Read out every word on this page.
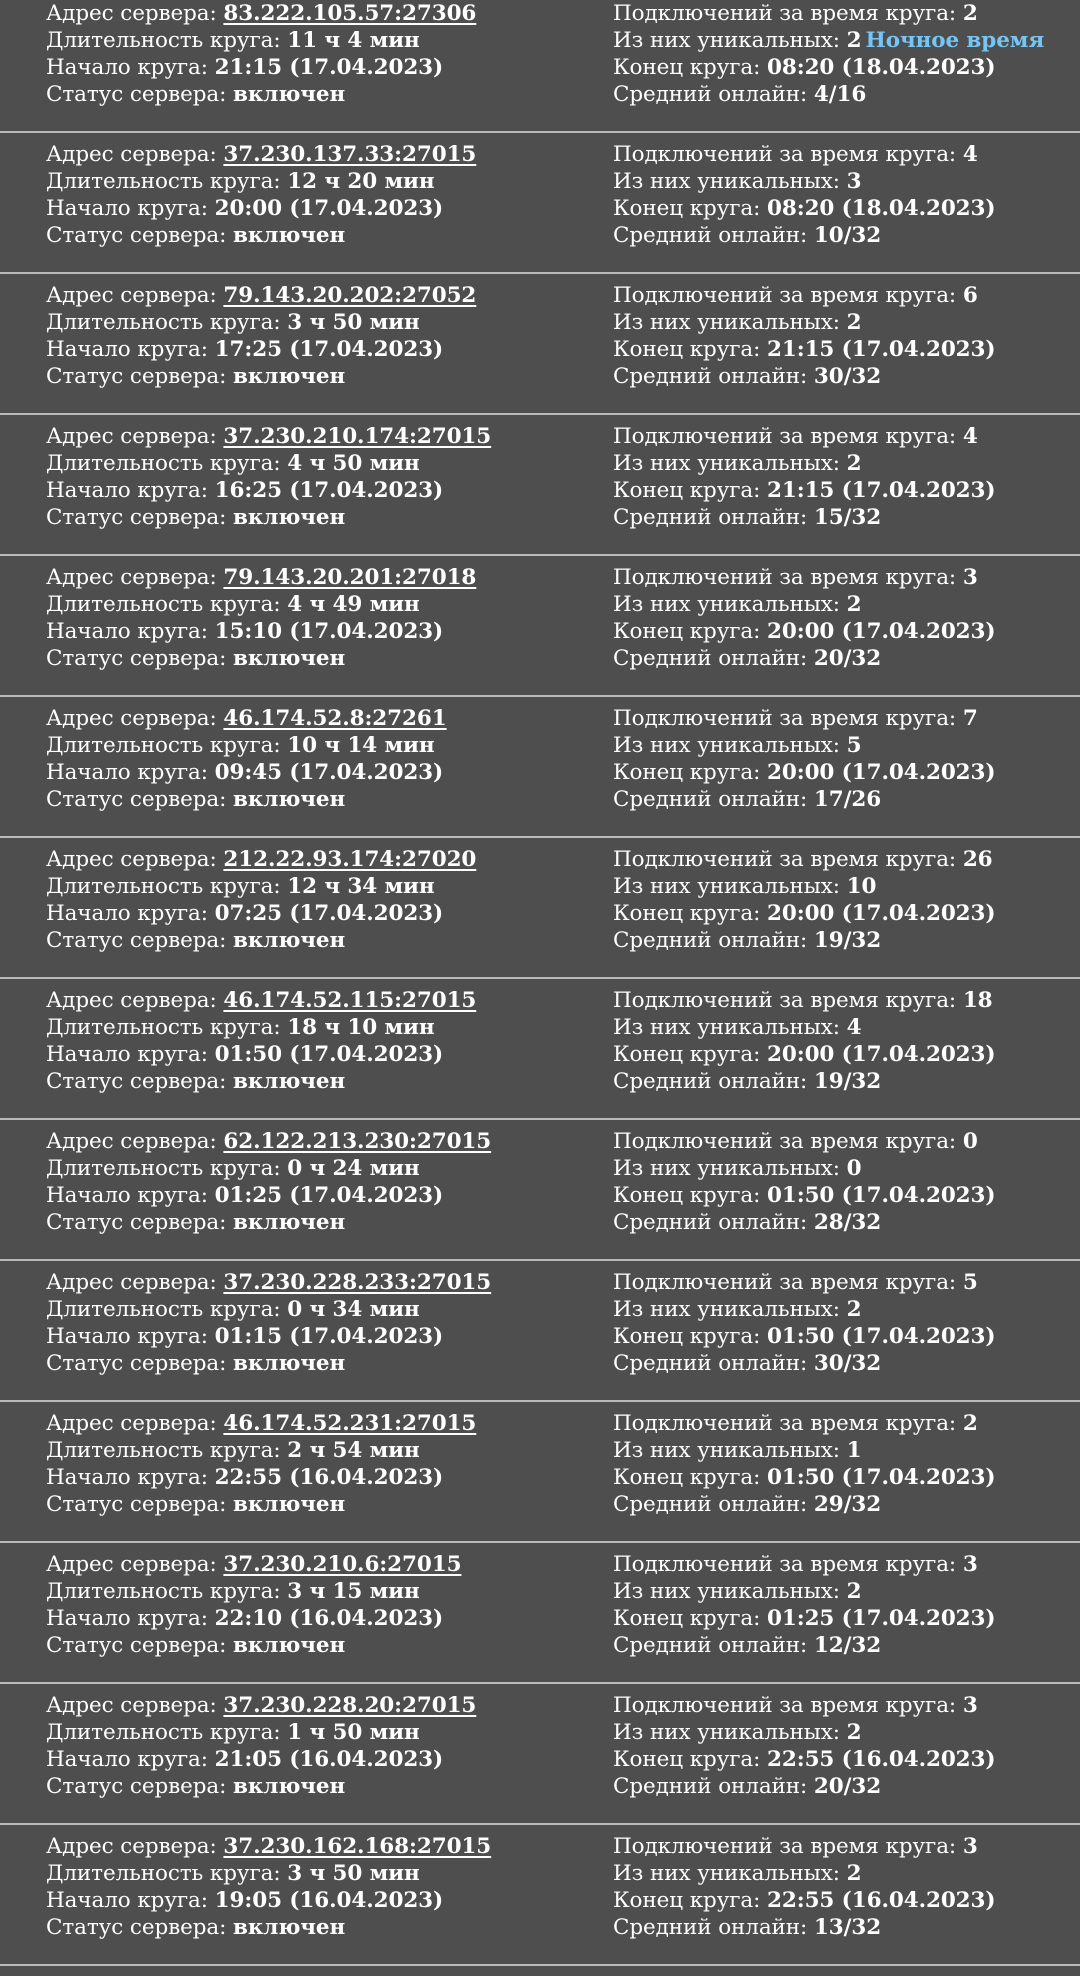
Адрес сервера: 83.222.105.57:27306
Длительность круга: 11 ч 4 мин
Начало круга: 21:15 (17.04.2023)
Статус сервера: включен
Подключений за время круга: 2
Из них уникальных: 2 Ночное время
Конец круга: 08:20 (18.04.2023)
Средний онлайн: 4/16
Адрес сервера: 37.230.137.33:27015
Длительность круга: 12 ч 20 мин
Начало круга: 20:00 (17.04.2023)
Статус сервера: включен
Подключений за время круга: 4
Из них уникальных: 3
Конец круга: 08:20 (18.04.2023)
Средний онлайн: 10/32
Адрес сервера: 79.143.20.202:27052
Длительность круга: 3 ч 50 мин
Начало круга: 17:25 (17.04.2023)
Статус сервера: включен
Подключений за время круга: 6
Из них уникальных: 2
Конец круга: 21:15 (17.04.2023)
Средний онлайн: 30/32
Адрес сервера: 37.230.210.174:27015
Длительность круга: 4 ч 50 мин
Начало круга: 16:25 (17.04.2023)
Статус сервера: включен
Подключений за время круга: 4
Из них уникальных: 2
Конец круга: 21:15 (17.04.2023)
Средний онлайн: 15/32
Адрес сервера: 79.143.20.201:27018
Длительность круга: 4 ч 49 мин
Начало круга: 15:10 (17.04.2023)
Статус сервера: включен
Подключений за время круга: 3
Из них уникальных: 2
Конец круга: 20:00 (17.04.2023)
Средний онлайн: 20/32
Адрес сервера: 46.174.52.8:27261
Длительность круга: 10 ч 14 мин
Начало круга: 09:45 (17.04.2023)
Статус сервера: включен
Подключений за время круга: 7
Из них уникальных: 5
Конец круга: 20:00 (17.04.2023)
Средний онлайн: 17/26
Адрес сервера: 212.22.93.174:27020
Длительность круга: 12 ч 34 мин
Начало круга: 07:25 (17.04.2023)
Статус сервера: включен
Подключений за время круга: 26
Из них уникальных: 10
Конец круга: 20:00 (17.04.2023)
Средний онлайн: 19/32
Адрес сервера: 46.174.52.115:27015
Длительность круга: 18 ч 10 мин
Начало круга: 01:50 (17.04.2023)
Статус сервера: включен
Подключений за время круга: 18
Из них уникальных: 4
Конец круга: 20:00 (17.04.2023)
Средний онлайн: 19/32
Адрес сервера: 62.122.213.230:27015
Длительность круга: 0 ч 24 мин
Начало круга: 01:25 (17.04.2023)
Статус сервера: включен
Подключений за время круга: 0
Из них уникальных: 0
Конец круга: 01:50 (17.04.2023)
Средний онлайн: 28/32
Адрес сервера: 37.230.228.233:27015
Длительность круга: 0 ч 34 мин
Начало круга: 01:15 (17.04.2023)
Статус сервера: включен
Подключений за время круга: 5
Из них уникальных: 2
Конец круга: 01:50 (17.04.2023)
Средний онлайн: 30/32
Адрес сервера: 46.174.52.231:27015
Длительность круга: 2 ч 54 мин
Начало круга: 22:55 (16.04.2023)
Статус сервера: включен
Подключений за время круга: 2
Из них уникальных: 1
Конец круга: 01:50 (17.04.2023)
Средний онлайн: 29/32
Адрес сервера: 37.230.210.6:27015
Длительность круга: 3 ч 15 мин
Начало круга: 22:10 (16.04.2023)
Статус сервера: включен
Подключений за время круга: 3
Из них уникальных: 2
Конец круга: 01:25 (17.04.2023)
Средний онлайн: 12/32
Адрес сервера: 37.230.228.20:27015
Длительность круга: 1 ч 50 мин
Начало круга: 21:05 (16.04.2023)
Статус сервера: включен
Подключений за время круга: 3
Из них уникальных: 2
Конец круга: 22:55 (16.04.2023)
Средний онлайн: 20/32
Адрес сервера: 37.230.162.168:27015
Длительность круга: 3 ч 50 мин
Начало круга: 19:05 (16.04.2023)
Статус сервера: включен
Подключений за время круга: 3
Из них уникальных: 2
Конец круга: 22:55 (16.04.2023)
Средний онлайн: 13/32
